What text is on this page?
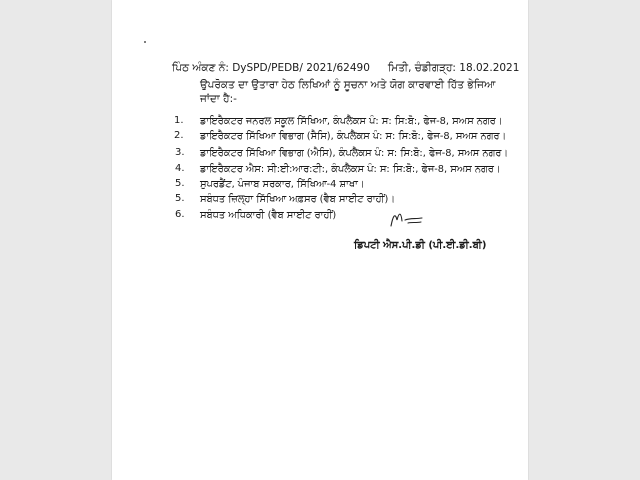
ਪਿੰਠ ਅੰਕਣ ਨੰ: DySPD/PEDB/ 2021/62490 ਮਿਤੀ, ਚੰਡੀਗੜ੍ਹ: 18.02.2021
ਉਪਰੋਕਤ ਦਾ ਉਤਾਰਾ ਹੇਠ ਲਿਖਿਆਂ ਨੂੰ ਸੂਚਨਾ ਅਤੇ ਯੋਗ ਕਾਰਵਾਈ ਹਿੱਤ ਭੇਜਿਆ
ਜਾਂਦਾ ਹੈ:-
1. ਡਾਇਰੈਕਟਰ ਜਨਰਲ ਸਕੂਲ ਸਿੱਖਿਆ, ਕੰਪਲੈਕਸ ਪੰ: ਸ: ਸਿ:ਬੋ:, ਫੇਜ-8, ਸਅਸ ਨਗਰ।
2. ਡਾਇਰੈਕਟਰ ਸਿੱਖਿਆ ਵਿਭਾਗ (ਸੈਸਿ), ਕੰਪਲੈਕਸ ਪੰ: ਸ: ਸਿ:ਬੋ:, ਫੇਜ-8, ਸਅਸ ਨਗਰ।
3. ਡਾਇਰੈਕਟਰ ਸਿੱਖਿਆ ਵਿਭਾਗ (ਐਸਿ), ਕੰਪਲੈਕਸ ਪੰ: ਸ: ਸਿ:ਬੋ:, ਫੇਜ-8, ਸਅਸ ਨਗਰ।
4. ਡਾਇਰੈਕਟਰ ਐਸ: ਸੀ:ਈ:ਆਰ:ਟੀ:, ਕੰਪਲੈਕਸ ਪੰ: ਸ: ਸਿ:ਬੋ:, ਫੇਜ-8, ਸਅਸ ਨਗਰ।
5. ਸੁਪਰਡੈਂਟ, ਪੰਜਾਬ ਸਰਕਾਰ, ਸਿੱਖਿਆ-4 ਸ਼ਾਖਾ।
5. ਸਬੰਧਤ ਜ਼ਿਲ੍ਹਾ ਸਿੱਖਿਆ ਅਫ਼ਸਰ (ਵੈਬ ਸਾਈਟ ਰਾਹੀਂ)।
6. ਸਬੰਧਤ ਅਧਿਕਾਰੀ (ਵੈਬ ਸਾਈਟ ਰਾਹੀਂ)
ਡਿਪਟੀ ਐਸ.ਪੀ.ਡੀ (ਪੀ.ਈ.ਡੀ.ਬੀ)
